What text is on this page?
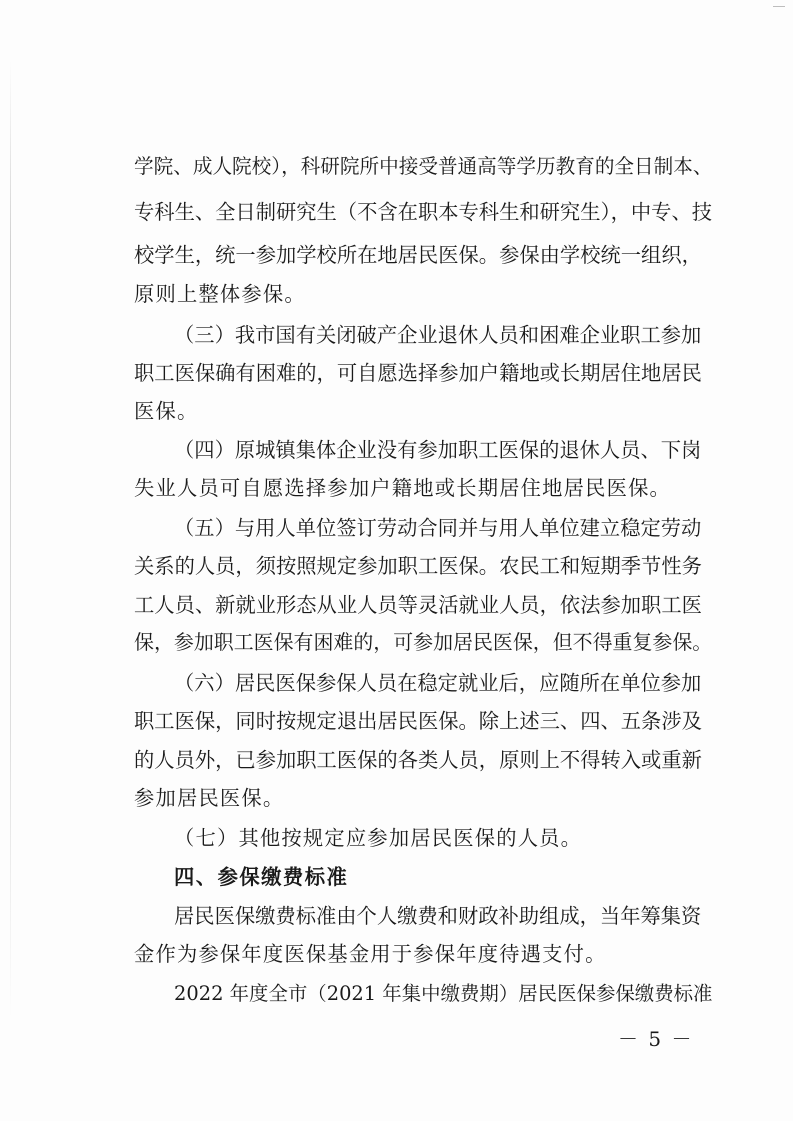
学院、成人院校），科研院所中接受普通高等学历教育的全日制本、

专科生、全日制研究生（不含在职本专科生和研究生），中专、技

校学生，统一参加学校所在地居民医保。参保由学校统一组织，

原则上整体参保。

（三）我市国有关闭破产企业退休人员和困难企业职工参加

职工医保确有困难的，可自愿选择参加户籍地或长期居住地居民

医保。

（四）原城镇集体企业没有参加职工医保的退休人员、下岗

失业人员可自愿选择参加户籍地或长期居住地居民医保。

（五）与用人单位签订劳动合同并与用人单位建立稳定劳动

关系的人员，须按照规定参加职工医保。农民工和短期季节性务

工人员、新就业形态从业人员等灵活就业人员，依法参加职工医

保，参加职工医保有困难的，可参加居民医保，但不得重复参保。

（六）居民医保参保人员在稳定就业后，应随所在单位参加

职工医保，同时按规定退出居民医保。除上述三、四、五条涉及

的人员外，已参加职工医保的各类人员，原则上不得转入或重新

参加居民医保。

（七）其他按规定应参加居民医保的人员。

四、参保缴费标准

居民医保缴费标准由个人缴费和财政补助组成，当年筹集资

金作为参保年度医保基金用于参保年度待遇支付。

2022 年度全市（2021 年集中缴费期）居民医保参保缴费标准

－ 5 －
